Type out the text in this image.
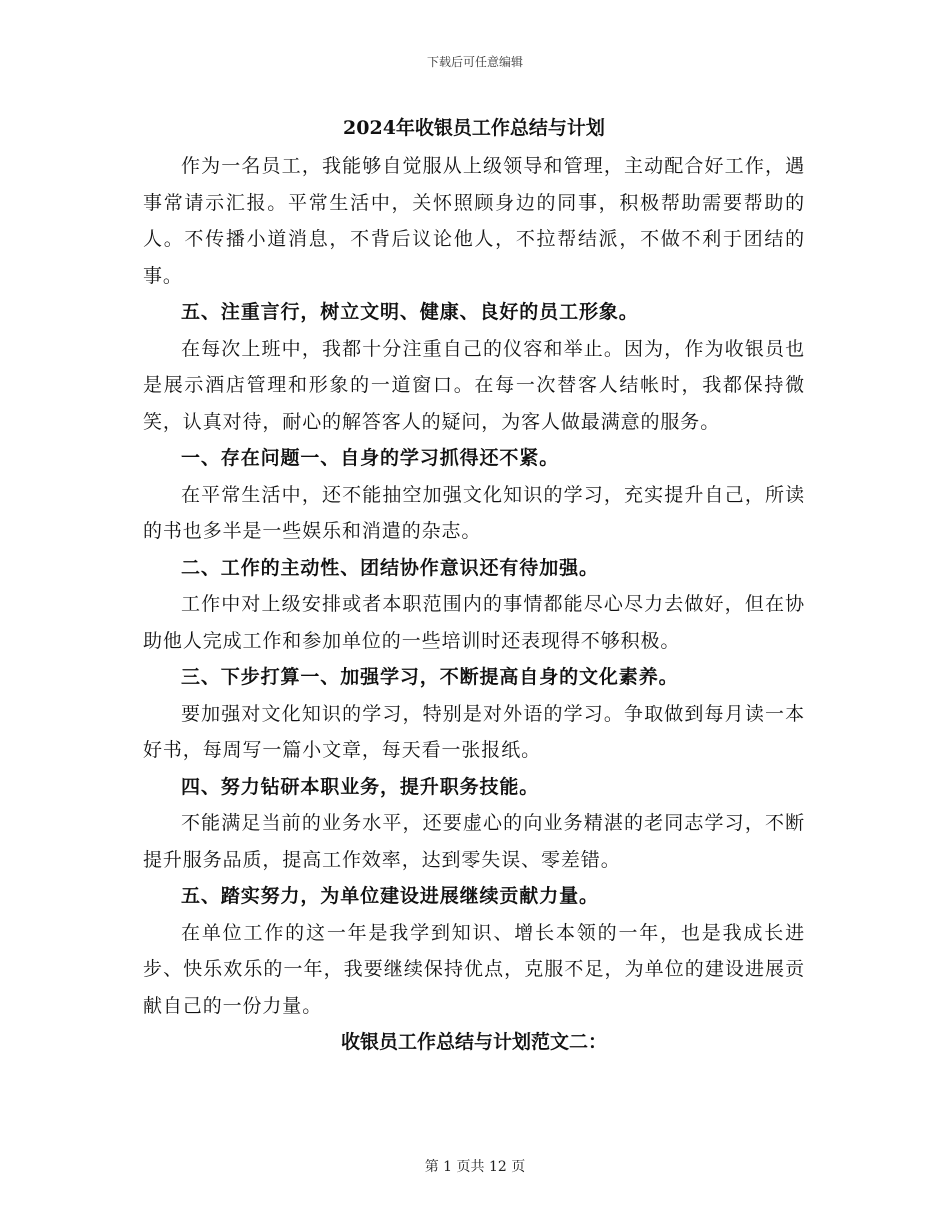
下载后可任意编辑
2024年收银员工作总结与计划

作为一名员工，我能够自觉服从上级领导和管理，主动配合好工作，遇事常请示汇报。平常生活中，关怀照顾身边的同事，积极帮助需要帮助的人。不传播小道消息，不背后议论他人，不拉帮结派，不做不利于团结的事。

五、注重言行，树立文明、健康、良好的员工形象。

在每次上班中，我都十分注重自己的仪容和举止。因为，作为收银员也是展示酒店管理和形象的一道窗口。在每一次替客人结帐时，我都保持微笑，认真对待，耐心的解答客人的疑问，为客人做最满意的服务。

一、存在问题一、自身的学习抓得还不紧。

在平常生活中，还不能抽空加强文化知识的学习，充实提升自己，所读的书也多半是一些娱乐和消遣的杂志。

二、工作的主动性、团结协作意识还有待加强。

工作中对上级安排或者本职范围内的事情都能尽心尽力去做好，但在协助他人完成工作和参加单位的一些培训时还表现得不够积极。

三、下步打算一、加强学习，不断提高自身的文化素养。

要加强对文化知识的学习，特别是对外语的学习。争取做到每月读一本好书，每周写一篇小文章，每天看一张报纸。

四、努力钻研本职业务，提升职务技能。

不能满足当前的业务水平，还要虚心的向业务精湛的老同志学习，不断提升服务品质，提高工作效率，达到零失误、零差错。

五、踏实努力，为单位建设进展继续贡献力量。

在单位工作的这一年是我学到知识、增长本领的一年，也是我成长进步、快乐欢乐的一年，我要继续保持优点，克服不足，为单位的建设进展贡献自己的一份力量。

收银员工作总结与计划范文二：

第 1 页共 12 页
